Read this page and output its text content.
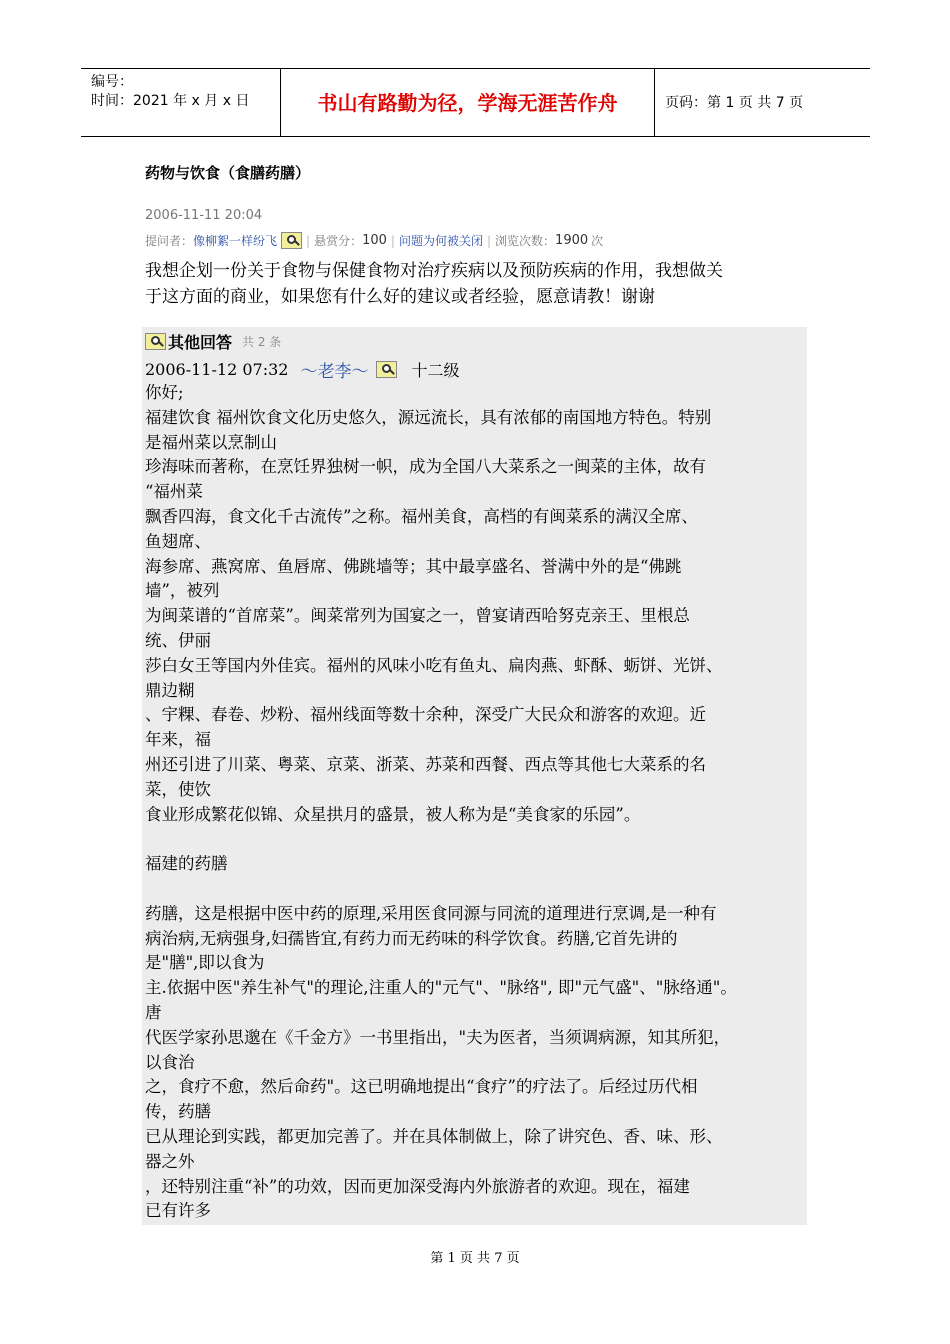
编号：
时间：2021 年 x 月 x 日	书山有路勤为径，学海无涯苦作舟	页码：第 1 页 共 7 页
药物与饮食（食膳药膳）
2006-11-11 20:04
提问者： 像柳絮一样纷飞 | 悬赏分： 100 | 问题为何被关闭 | 浏览次数： 1900 次

我想企划一份关于食物与保健食物对治疗疾病以及预防疾病的作用，我想做关

于这方面的商业，如果您有什么好的建议或者经验，愿意请教！谢谢

其他回答 共 2 条
2006-11-12 07:32 ～老李～	十二级
你好;
福建饮食 福州饮食文化历史悠久，源远流长，具有浓郁的南国地方特色。特别
是福州菜以烹制山
珍海味而著称，在烹饪界独树一帜，成为全国八大菜系之一闽菜的主体，故有
“福州菜
飘香四海，食文化千古流传”之称。福州美食，高档的有闽菜系的满汉全席、
鱼翅席、
海参席、燕窝席、鱼唇席、佛跳墙等；其中最享盛名、誉满中外的是“佛跳
墙”，被列
为闽菜谱的“首席菜”。闽菜常列为国宴之一，曾宴请西哈努克亲王、里根总
统、伊丽
莎白女王等国内外佳宾。福州的风味小吃有鱼丸、扁肉燕、虾酥、蛎饼、光饼、
鼎边糊
、宇粿、春卷、炒粉、福州线面等数十余种，深受广大民众和游客的欢迎。近
年来，福
州还引进了川菜、粤菜、京菜、浙菜、苏菜和西餐、西点等其他七大菜系的名
菜，使饮
食业形成繁花似锦、众星拱月的盛景，被人称为是“美食家的乐园”。
福建的药膳
药膳，这是根据中医中药的原理,采用医食同源与同流的道理进行烹调,是一种有
病治病,无病强身,妇孺皆宜,有药力而无药味的科学饮食。药膳,它首先讲的
是"膳",即以食为
主.依据中医"养生补气"的理论,注重人的"元气"、"脉络", 即"元气盛"、"脉络通"。
唐
代医学家孙思邈在《千金方》一书里指出，"夫为医者，当须调病源，知其所犯，
以食治
之，食疗不愈，然后命药"。这已明确地提出“食疗”的疗法了。后经过历代相
传，药膳
已从理论到实践，都更加完善了。并在具体制做上，除了讲究色、香、味、形、
器之外
，还特别注重“补”的功效，因而更加深受海内外旅游者的欢迎。现在，福建
已有许多
第 1 页 共 7 页
